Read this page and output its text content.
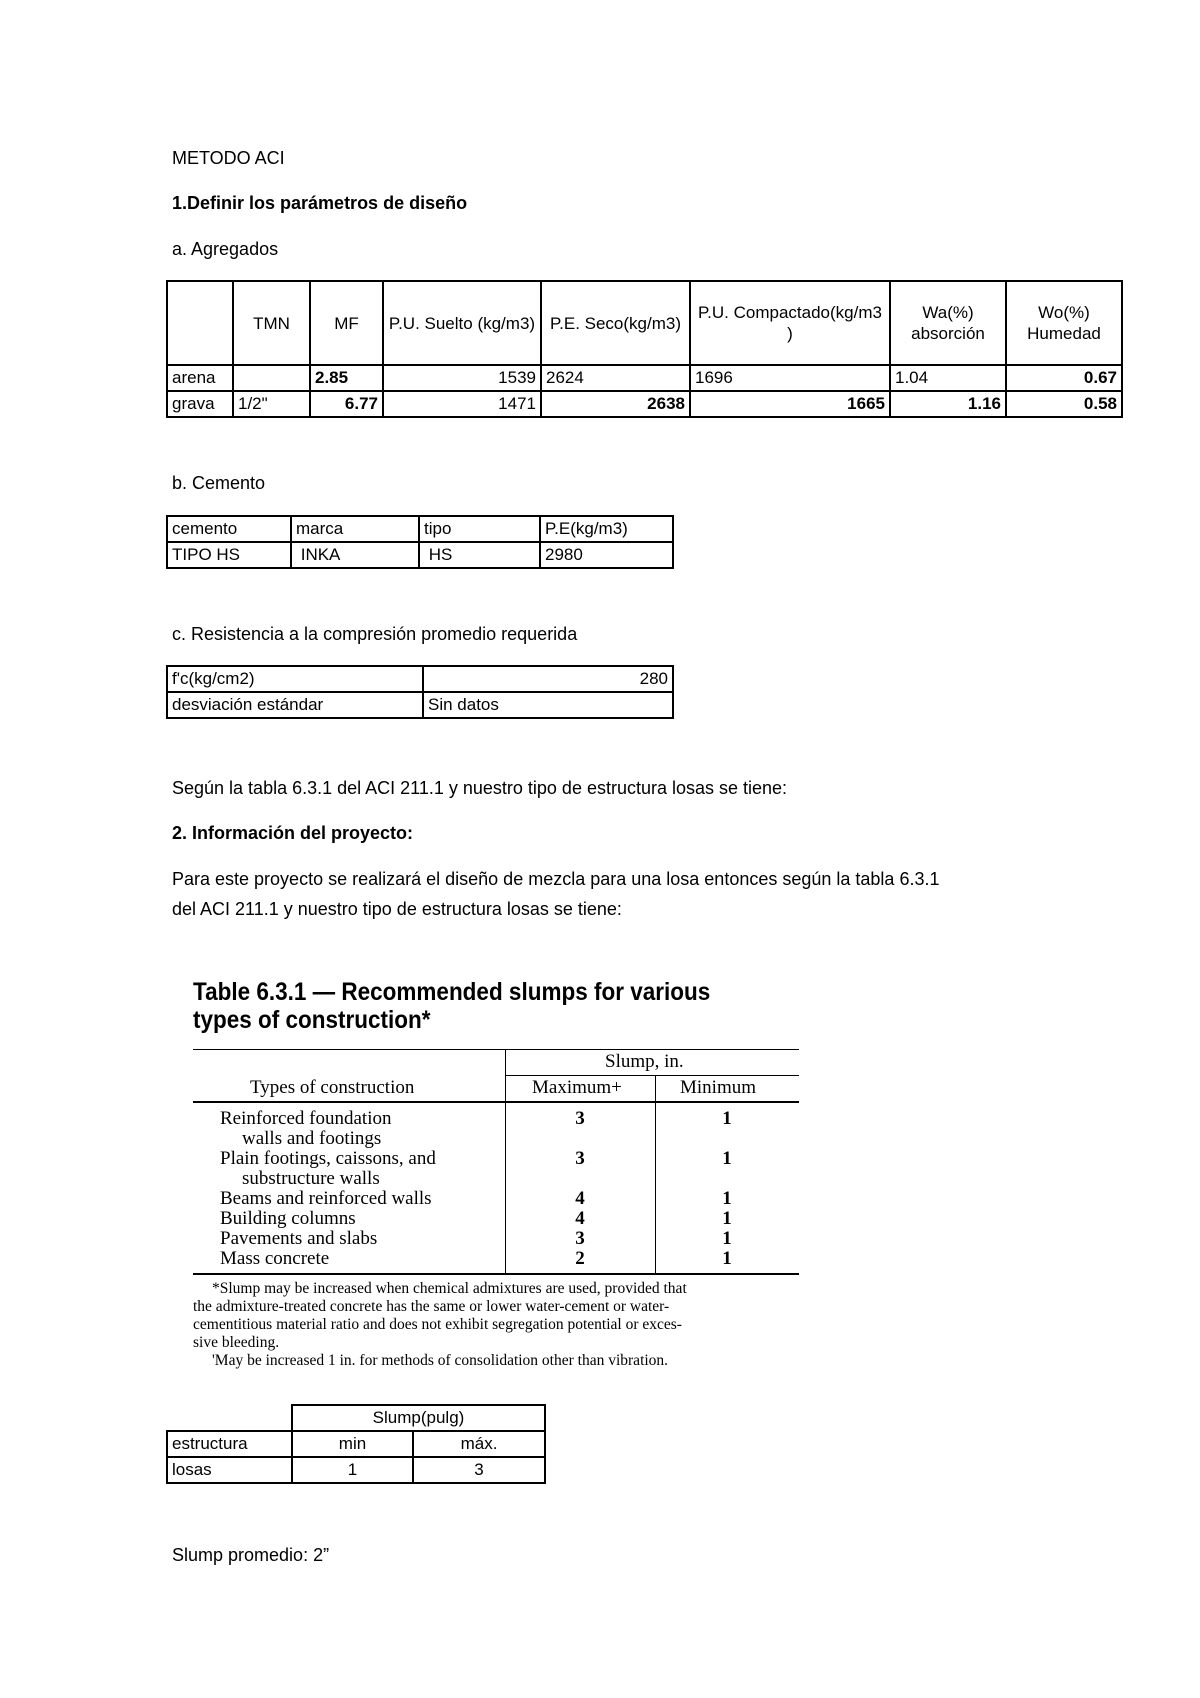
METODO ACI
1.Definir los parámetros de diseño
a. Agregados
	TMN	MF	P.U. Suelto (kg/m3)	P.E. Seco(kg/m3)	P.U. Compactado(kg/m3 )	Wa(%) absorción	Wo(%) Humedad
arena		2.85	1539	2624	1696	1.04	0.67
grava	1/2"	6.77	1471	2638	1665	1.16	0.58
b. Cemento
cemento	marca	tipo	P.E(kg/m3)
TIPO HS	INKA	HS	2980
c. Resistencia a la compresión promedio requerida
f'c(kg/cm2)	280
desviación estándar	Sin datos
Según la tabla 6.3.1 del ACI 211.1 y nuestro tipo de estructura losas se tiene:
2. Información del proyecto:
Para este proyecto se realizará el diseño de mezcla para una losa entonces según la tabla 6.3.1
del ACI 211.1 y nuestro tipo de estructura losas se tiene:
Table 6.3.1 — Recommended slumps for various
types of construction*
Slump, in.
Types of construction	Maximum+	Minimum
Reinforced foundation
walls and footings
3	1
Plain footings, caissons, and
substructure walls
3	1
Beams and reinforced walls	4	1
Building columns	4	1
Pavements and slabs	3	1
Mass concrete	2	1
*Slump may be increased when chemical admixtures are used, provided that
the admixture-treated concrete has the same or lower water-cement or water-
cementitious material ratio and does not exhibit segregation potential or exces-
sive bleeding.
'May be increased 1 in. for methods of consolidation other than vibration.
	Slump(pulg)	
estructura	min	máx.
losas	1	3
Slump promedio: 2”
